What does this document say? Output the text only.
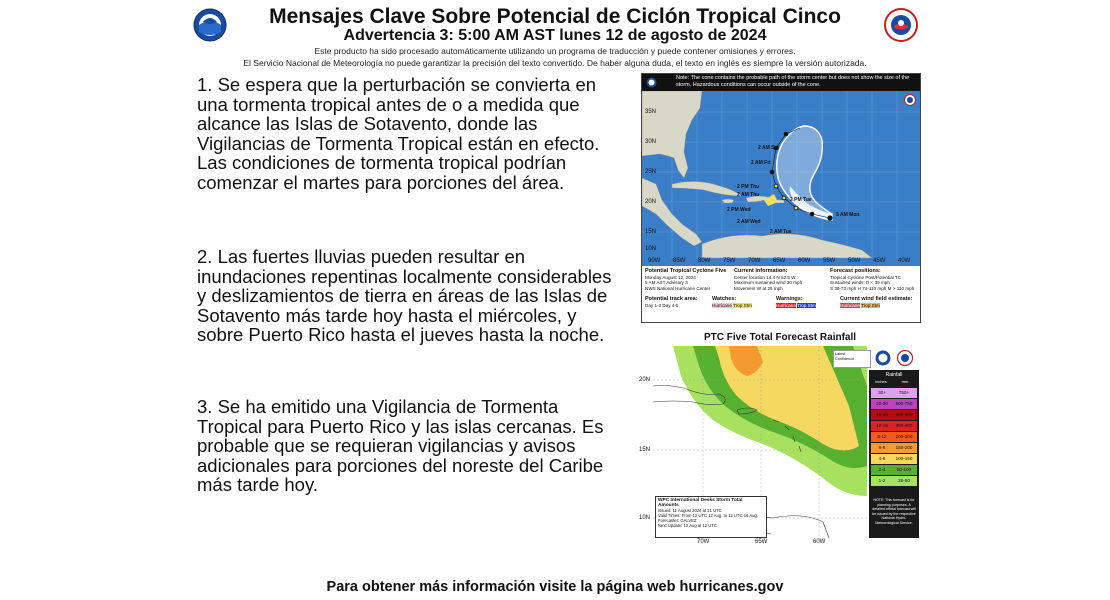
Mensajes Clave Sobre Potencial de Ciclón Tropical Cinco
Advertencia 3: 5:00 AM AST lunes 12 de agosto de 2024
Este producto ha sido procesado automáticamente utilizando un programa de traducción y puede contener omisiones y errores.
El Servicio Nacional de Meteorología no puede garantizar la precisión del texto convertido. De haber alguna duda, el texto en inglés es siempre la versión autorizada.
1. Se espera que la perturbación se convierta en una tormenta tropical antes de o a medida que alcance las Islas de Sotavento, donde las Vigilancias de Tormenta Tropical están en efecto. Las condiciones de tormenta tropical podrían comenzar el martes para porciones del área.
2. Las fuertes lluvias pueden resultar en inundaciones repentinas localmente considerables y deslizamientos de tierra en áreas de las Islas de Sotavento más tarde hoy hasta el miércoles, y sobre Puerto Rico hasta el jueves hasta la noche.
3. Se ha emitido una Vigilancia de Tormenta Tropical para Puerto Rico y las islas cercanas. Es probable que se requieran vigilancias y avisos adicionales para porciones del noreste del Caribe más tarde hoy.
Note: The cone contains the probable path of the storm center but does not show the size of the storm. Hazardous conditions can occur outside of the cone.
35N
30N
25N
20N
15N
10N
90W 85W 80W 75W 70W 65W 60W 55W 50W 45W 40W
2 AM Sat
2 AM Fri
2 PM Thu
2 AM Thu
2 PM Wed
2 AM Wed
2 PM Tue
2 AM Tue
5 AM Mon
Potential Tropical Cyclone Five
Monday August 12, 2024
5 AM AST Advisory 3
NWS National Hurricane Center
Current information:
Center location 14.4 N 52.5 W
Maximum sustained wind 30 mph
Movement W at 25 mph
Forecast positions:
Tropical Cyclone Post/Potential TC
Sustained winds: D < 39 mph
S 39-73 mph H 74-110 mph M > 110 mph
Potential track area:
Day 1-3 Day 4-5
Watches:
Hurricane Trop Stm
Warnings:
Hurricane Trop Stm
Current wind field estimate:
Hurricane Trop Stm
PTC Five Total Forecast Rainfall
Latest
Confidence
20N
15N
10N
70W	65W	60W
Rainfall
inches	mm
30+	750+
20-30 500-750
16-20 400-500
12-16 300-400
8-12 200-300
6-8 150-200
4-6 100-150
2-4	50-100
1-2	25-50
NOTE: This forecast is for planning purposes. A detailed official forecast will be issued by the respective National Hydro-Meteorological Service.
WPC International Desks Storm Total Amounts
Issued: 11 August 2024 at 21 UTC
Valid Times: From 12 UTC 12 Aug. to 12 UTC 16 Aug.
Forecaster: GALVEZ
Next Update: 12 Aug at 12 UTC
Para obtener más información visite la página web hurricanes.gov
